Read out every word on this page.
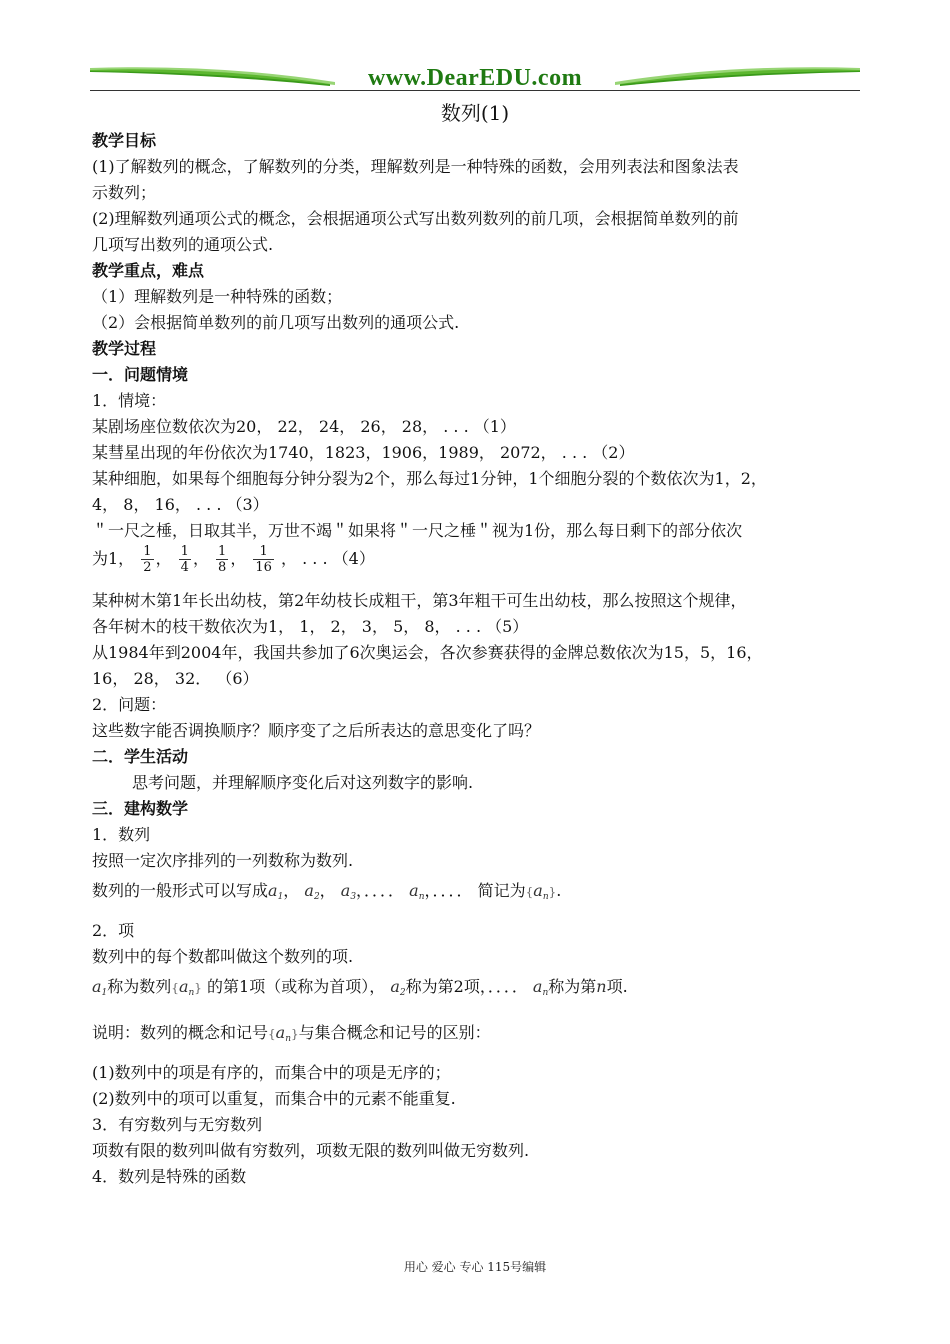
www.DearEDU.com
数列(1)
教学目标
(1)了解数列的概念，了解数列的分类，理解数列是一种特殊的函数，会用列表法和图象法表
示数列；
(2)理解数列通项公式的概念，会根据通项公式写出数列数列的前几项，会根据简单数列的前
几项写出数列的通项公式.
教学重点，难点
（1）理解数列是一种特殊的函数；
（2）会根据简单数列的前几项写出数列的通项公式.
教学过程
一．问题情境
1．情境：
某剧场座位数依次为20， 22， 24， 26， 28， . . . （1）
某彗星出现的年份依次为1740，1823，1906，1989， 2072， . . . （2）
某种细胞，如果每个细胞每分钟分裂为2个，那么每过1分钟，1个细胞分裂的个数依次为1，2，
4， 8， 16， . . . （3）
＂一尺之棰，日取其半，万世不竭＂如果将＂一尺之棰＂视为1份，那么每日剩下的部分依次
为1， $\frac{1}{2}$ ， $\frac{1}{4}$ ， $\frac{1}{8}$ ， $\frac{1}{16}$ ， . . . （4）
某种树木第1年长出幼枝，第2年幼枝长成粗干，第3年粗干可生出幼枝，那么按照这个规律，
各年树木的枝干数依次为1， 1， 2， 3， 5， 8， . . . （5）
从1984年到2004年，我国共参加了6次奥运会，各次参赛获得的金牌总数依次为15，5，16，
16， 28， 32． （6）
2．问题：
这些数字能否调换顺序？顺序变了之后所表达的意思变化了吗？
二．学生活动
思考问题，并理解顺序变化后对这列数字的影响.
三．建构数学
1．数列
按照一定次序排列的一列数称为数列.
数列的一般形式可以写成$a_1$， $a_2$， $a_3$，．．．． $a_n$，．．．． 简记为$\{a_n\}$.
2．项
数列中的每个数都叫做这个数列的项.
$a_1$称为数列$\{a_n\}$ 的第1项（或称为首项）， $a_2$称为第2项，．．．． $a_n$称为第n项.
说明：数列的概念和记号$\{a_n\}$与集合概念和记号的区别：
(1)数列中的项是有序的，而集合中的项是无序的；
(2)数列中的项可以重复，而集合中的元素不能重复.
3．有穷数列与无穷数列
项数有限的数列叫做有穷数列，项数无限的数列叫做无穷数列.
4．数列是特殊的函数
用心 爱心 专心 115号编辑
